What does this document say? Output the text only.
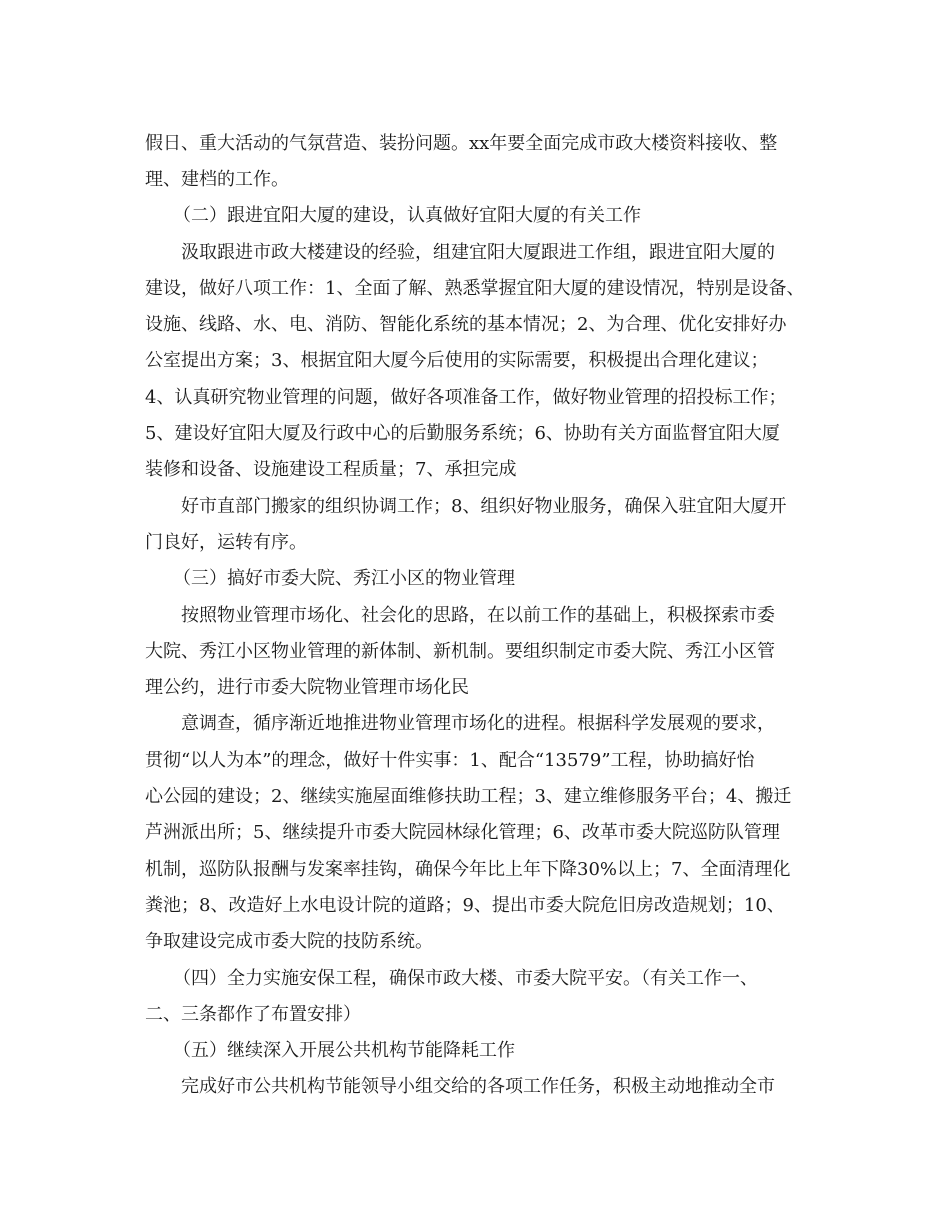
假日、重大活动的气氛营造、装扮问题。xx年要全面完成市政大楼资料接收、整
理、建档的工作。
（二）跟进宜阳大厦的建设，认真做好宜阳大厦的有关工作
汲取跟进市政大楼建设的经验，组建宜阳大厦跟进工作组，跟进宜阳大厦的
建设，做好八项工作：1、全面了解、熟悉掌握宜阳大厦的建设情况，特别是设备、
设施、线路、水、电、消防、智能化系统的基本情况；2、为合理、优化安排好办
公室提出方案；3、根据宜阳大厦今后使用的实际需要，积极提出合理化建议；
4、认真研究物业管理的问题，做好各项准备工作，做好物业管理的招投标工作；
5、建设好宜阳大厦及行政中心的后勤服务系统；6、协助有关方面监督宜阳大厦
装修和设备、设施建设工程质量；7、承担完成
好市直部门搬家的组织协调工作；8、组织好物业服务，确保入驻宜阳大厦开
门良好，运转有序。
（三）搞好市委大院、秀江小区的物业管理
按照物业管理市场化、社会化的思路，在以前工作的基础上，积极探索市委
大院、秀江小区物业管理的新体制、新机制。要组织制定市委大院、秀江小区管
理公约，进行市委大院物业管理市场化民
意调查，循序渐近地推进物业管理市场化的进程。根据科学发展观的要求，
贯彻“以人为本”的理念，做好十件实事：1、配合“13579”工程，协助搞好怡
心公园的建设；2、继续实施屋面维修扶助工程；3、建立维修服务平台；4、搬迁
芦洲派出所；5、继续提升市委大院园林绿化管理；6、改革市委大院巡防队管理
机制，巡防队报酬与发案率挂钩，确保今年比上年下降30%以上；7、全面清理化
粪池；8、改造好上水电设计院的道路；9、提出市委大院危旧房改造规划；10、
争取建设完成市委大院的技防系统。
（四）全力实施安保工程，确保市政大楼、市委大院平安。（有关工作一、
二、三条都作了布置安排）
（五）继续深入开展公共机构节能降耗工作
完成好市公共机构节能领导小组交给的各项工作任务，积极主动地推动全市
